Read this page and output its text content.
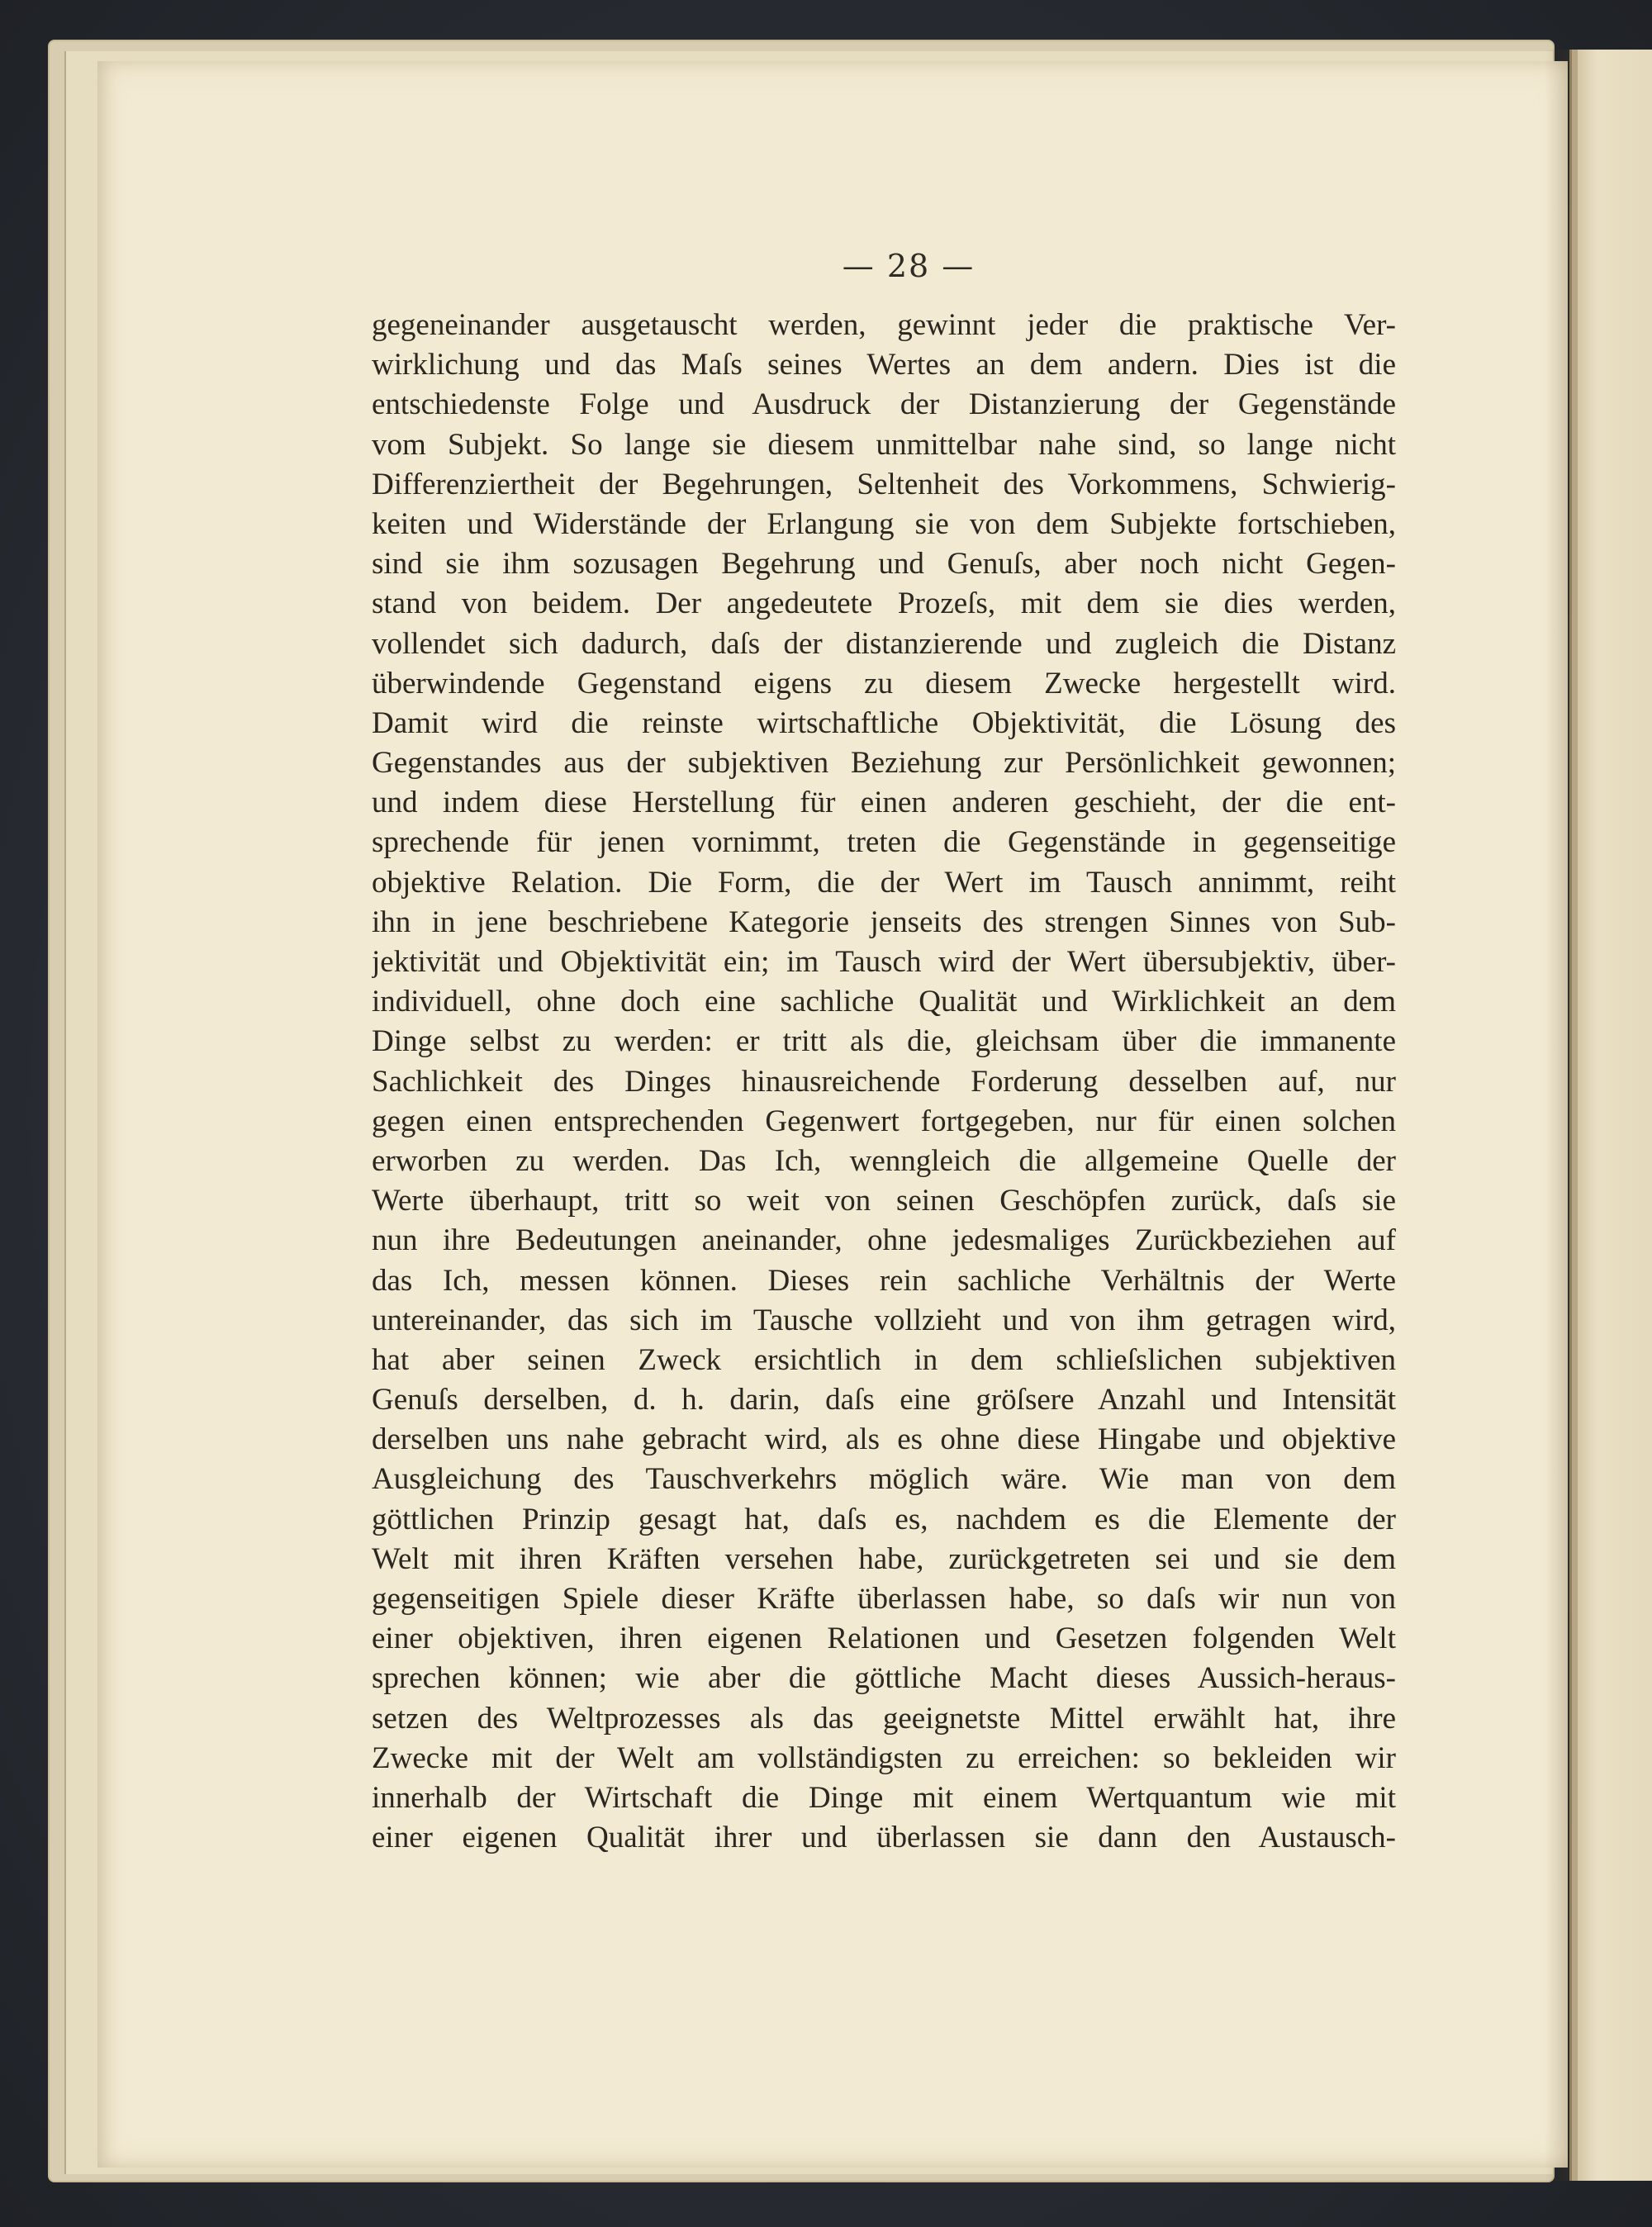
— 28 —
gegeneinander ausgetauscht werden, gewinnt jeder die praktische Ver-
wirklichung und das Maſs seines Wertes an dem andern. Dies ist die
entschiedenste Folge und Ausdruck der Distanzierung der Gegenstände
vom Subjekt. So lange sie diesem unmittelbar nahe sind, so lange nicht
Differenziertheit der Begehrungen, Seltenheit des Vorkommens, Schwierig-
keiten und Widerstände der Erlangung sie von dem Subjekte fortschieben,
sind sie ihm sozusagen Begehrung und Genuſs, aber noch nicht Gegen-
stand von beidem. Der angedeutete Prozeſs, mit dem sie dies werden,
vollendet sich dadurch, daſs der distanzierende und zugleich die Distanz
überwindende Gegenstand eigens zu diesem Zwecke hergestellt wird.
Damit wird die reinste wirtschaftliche Objektivität, die Lösung des
Gegenstandes aus der subjektiven Beziehung zur Persönlichkeit gewonnen;
und indem diese Herstellung für einen anderen geschieht, der die ent-
sprechende für jenen vornimmt, treten die Gegenstände in gegenseitige
objektive Relation. Die Form, die der Wert im Tausch annimmt, reiht
ihn in jene beschriebene Kategorie jenseits des strengen Sinnes von Sub-
jektivität und Objektivität ein; im Tausch wird der Wert übersubjektiv, über-
individuell, ohne doch eine sachliche Qualität und Wirklichkeit an dem
Dinge selbst zu werden: er tritt als die, gleichsam über die immanente
Sachlichkeit des Dinges hinausreichende Forderung desselben auf, nur
gegen einen entsprechenden Gegenwert fortgegeben, nur für einen solchen
erworben zu werden. Das Ich, wenngleich die allgemeine Quelle der
Werte überhaupt, tritt so weit von seinen Geschöpfen zurück, daſs sie
nun ihre Bedeutungen aneinander, ohne jedesmaliges Zurückbeziehen auf
das Ich, messen können. Dieses rein sachliche Verhältnis der Werte
untereinander, das sich im Tausche vollzieht und von ihm getragen wird,
hat aber seinen Zweck ersichtlich in dem schlieſslichen subjektiven
Genuſs derselben, d. h. darin, daſs eine gröſsere Anzahl und Intensität
derselben uns nahe gebracht wird, als es ohne diese Hingabe und objektive
Ausgleichung des Tauschverkehrs möglich wäre. Wie man von dem
göttlichen Prinzip gesagt hat, daſs es, nachdem es die Elemente der
Welt mit ihren Kräften versehen habe, zurückgetreten sei und sie dem
gegenseitigen Spiele dieser Kräfte überlassen habe, so daſs wir nun von
einer objektiven, ihren eigenen Relationen und Gesetzen folgenden Welt
sprechen können; wie aber die göttliche Macht dieses Aussich-heraus-
setzen des Weltprozesses als das geeignetste Mittel erwählt hat, ihre
Zwecke mit der Welt am vollständigsten zu erreichen: so bekleiden wir
innerhalb der Wirtschaft die Dinge mit einem Wertquantum wie mit
einer eigenen Qualität ihrer und überlassen sie dann den Austausch-
